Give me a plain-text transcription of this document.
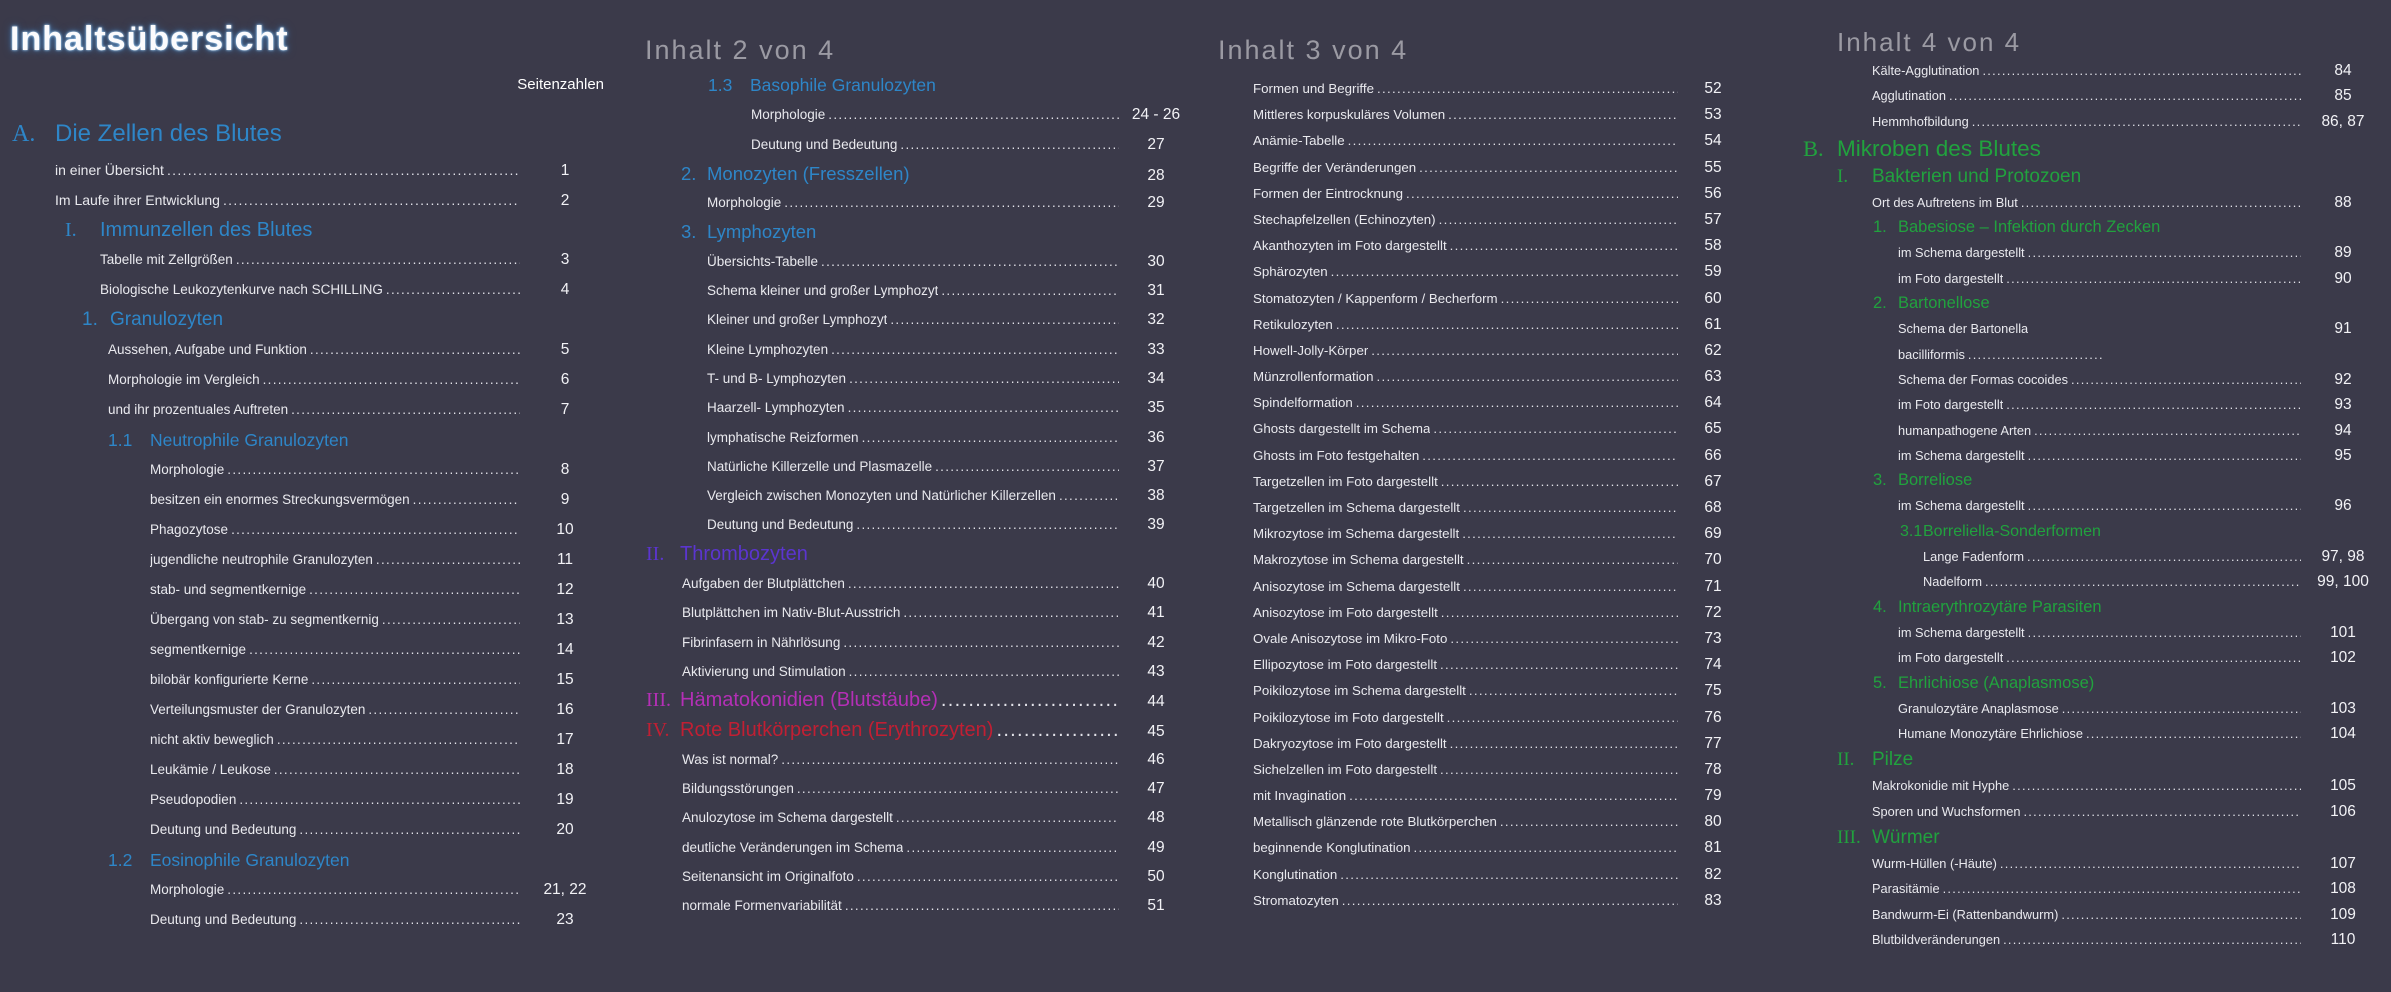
Inhaltsübersicht
Seitenzahlen
A. Die Zellen des Blutes
in einer Übersicht .....	1
Im Laufe ihrer Entwicklung .....	2
I.	Immunzellen des Blutes
Tabelle mit Zellgrößen .....	3
Biologische Leukozytenkurve nach SCHILLING .....	4
1. Granulozyten
Aussehen, Aufgabe und Funktion .....	5
Morphologie im Vergleich .....	6
und ihr prozentuales Auftreten .....	7
1.1	Neutrophile Granulozyten
Morphologie .....	8
besitzen ein enormes Streckungsvermögen .....	9
Phagozytose .....	10
jugendliche neutrophile Granulozyten .....	11
stab- und segmentkernige .....	12
Übergang von stab- zu segmentkernig .....	13
segmentkernige .....	14
bilobär konfigurierte Kerne .....	15
Verteilungsmuster der Granulozyten .....	16
nicht aktiv beweglich .....	17
Leukämie / Leukose .....	18
Pseudopodien .....	19
Deutung und Bedeutung .....	20
1.2	Eosinophile Granulozyten
Morphologie .....	21, 22
Deutung und Bedeutung .....	23
Inhalt 2 von 4
1.3	Basophile Granulozyten
Morphologie .....	24 - 26
Deutung und Bedeutung .....	27
2. Monozyten (Fresszellen)	28
Morphologie .....	29
3. Lymphozyten
Übersichts-Tabelle .....	30
Schema kleiner und großer Lymphozyt .....	31
Kleiner und großer Lymphozyt .....	32
Kleine Lymphozyten .....	33
T- und B- Lymphozyten .....	34
Haarzell- Lymphozyten .....	35
lymphatische Reizformen .....	36
Natürliche Killerzelle und Plasmazelle .....	37
Vergleich zwischen Monozyten und Natürlicher Killerzellen .....	38
Deutung und Bedeutung .....	39
II. Thrombozyten
Aufgaben der Blutplättchen .....	40
Blutplättchen im Nativ-Blut-Ausstrich .....	41
Fibrinfasern in Nährlösung .....	42
Aktivierung und Stimulation .....	43
III. Hämatokonidien (Blutstäube) .....	44
IV. Rote Blutkörperchen (Erythrozyten) .....	45
Was ist normal? .....	46
Bildungsstörungen .....	47
Anulozytose im Schema dargestellt .....	48
deutliche Veränderungen im Schema .....	49
Seitenansicht im Originalfoto .....	50
normale Formenvariabilität .....	51
Inhalt 3 von 4
Formen und Begriffe .....	52
Mittleres korpuskuläres Volumen .....	53
Anämie-Tabelle .....	54
Begriffe der Veränderungen .....	55
Formen der Eintrocknung .....	56
Stechapfelzellen (Echinozyten) .....	57
Akanthozyten im Foto dargestellt .....	58
Sphärozyten .....	59
Stomatozyten / Kappenform / Becherform .....	60
Retikulozyten .....	61
Howell-Jolly-Körper .....	62
Münzrollenformation .....	63
Spindelformation .....	64
Ghosts dargestellt im Schema .....	65
Ghosts im Foto festgehalten .....	66
Targetzellen im Foto dargestellt .....	67
Targetzellen im Schema dargestellt .....	68
Mikrozytose im Schema dargestellt .....	69
Makrozytose im Schema dargestellt .....	70
Anisozytose im Schema dargestellt .....	71
Anisozytose im Foto dargestellt .....	72
Ovale Anisozytose im Mikro-Foto .....	73
Ellipozytose im Foto dargestellt .....	74
Poikilozytose im Schema dargestellt .....	75
Poikilozytose im Foto dargestellt .....	76
Dakryozytose im Foto dargestellt .....	77
Sichelzellen im Foto dargestellt .....	78
mit Invagination .....	79
Metallisch glänzende rote Blutkörperchen .....	80
beginnende Konglutination .....	81
Konglutination .....	82
Stromatozyten .....	83
Inhalt 4 von 4
Kälte-Agglutination .....	84
Agglutination .....	85
Hemmhofbildung .....	86, 87
B. Mikroben des Blutes
I.	Bakterien und Protozoen
Ort des Auftretens im Blut .....	88
1. Babesiose – Infektion durch Zecken
im Schema dargestellt .....	89
im Foto dargestellt .....	90
2. Bartonellose
Schema der Bartonella	91
bacilliformis
.....
Schema der Formas cocoides .....	92
im Foto dargestellt .....	93
humanpathogene Arten .....	94
im Schema dargestellt .....	95
3. Borreliose
im Schema dargestellt .....	96
3.1 Borreliella-Sonderformen
Lange Fadenform .....	97, 98
Nadelform .....	99, 100
4. Intraerythrozytäre Parasiten
im Schema dargestellt .....	101
im Foto dargestellt .....	102
5. Ehrlichiose (Anaplasmose)
Granulozytäre Anaplasmose .....	103
Humane Monozytäre Ehrlichiose .....	104
II. Pilze
Makrokonidie mit Hyphe .....	105
Sporen und Wuchsformen .....	106
III. Würmer
Wurm-Hüllen (-Häute) .....	107
Parasitämie .....	108
Bandwurm-Ei (Rattenbandwurm) .....	109
Blutbildveränderungen .....	110
